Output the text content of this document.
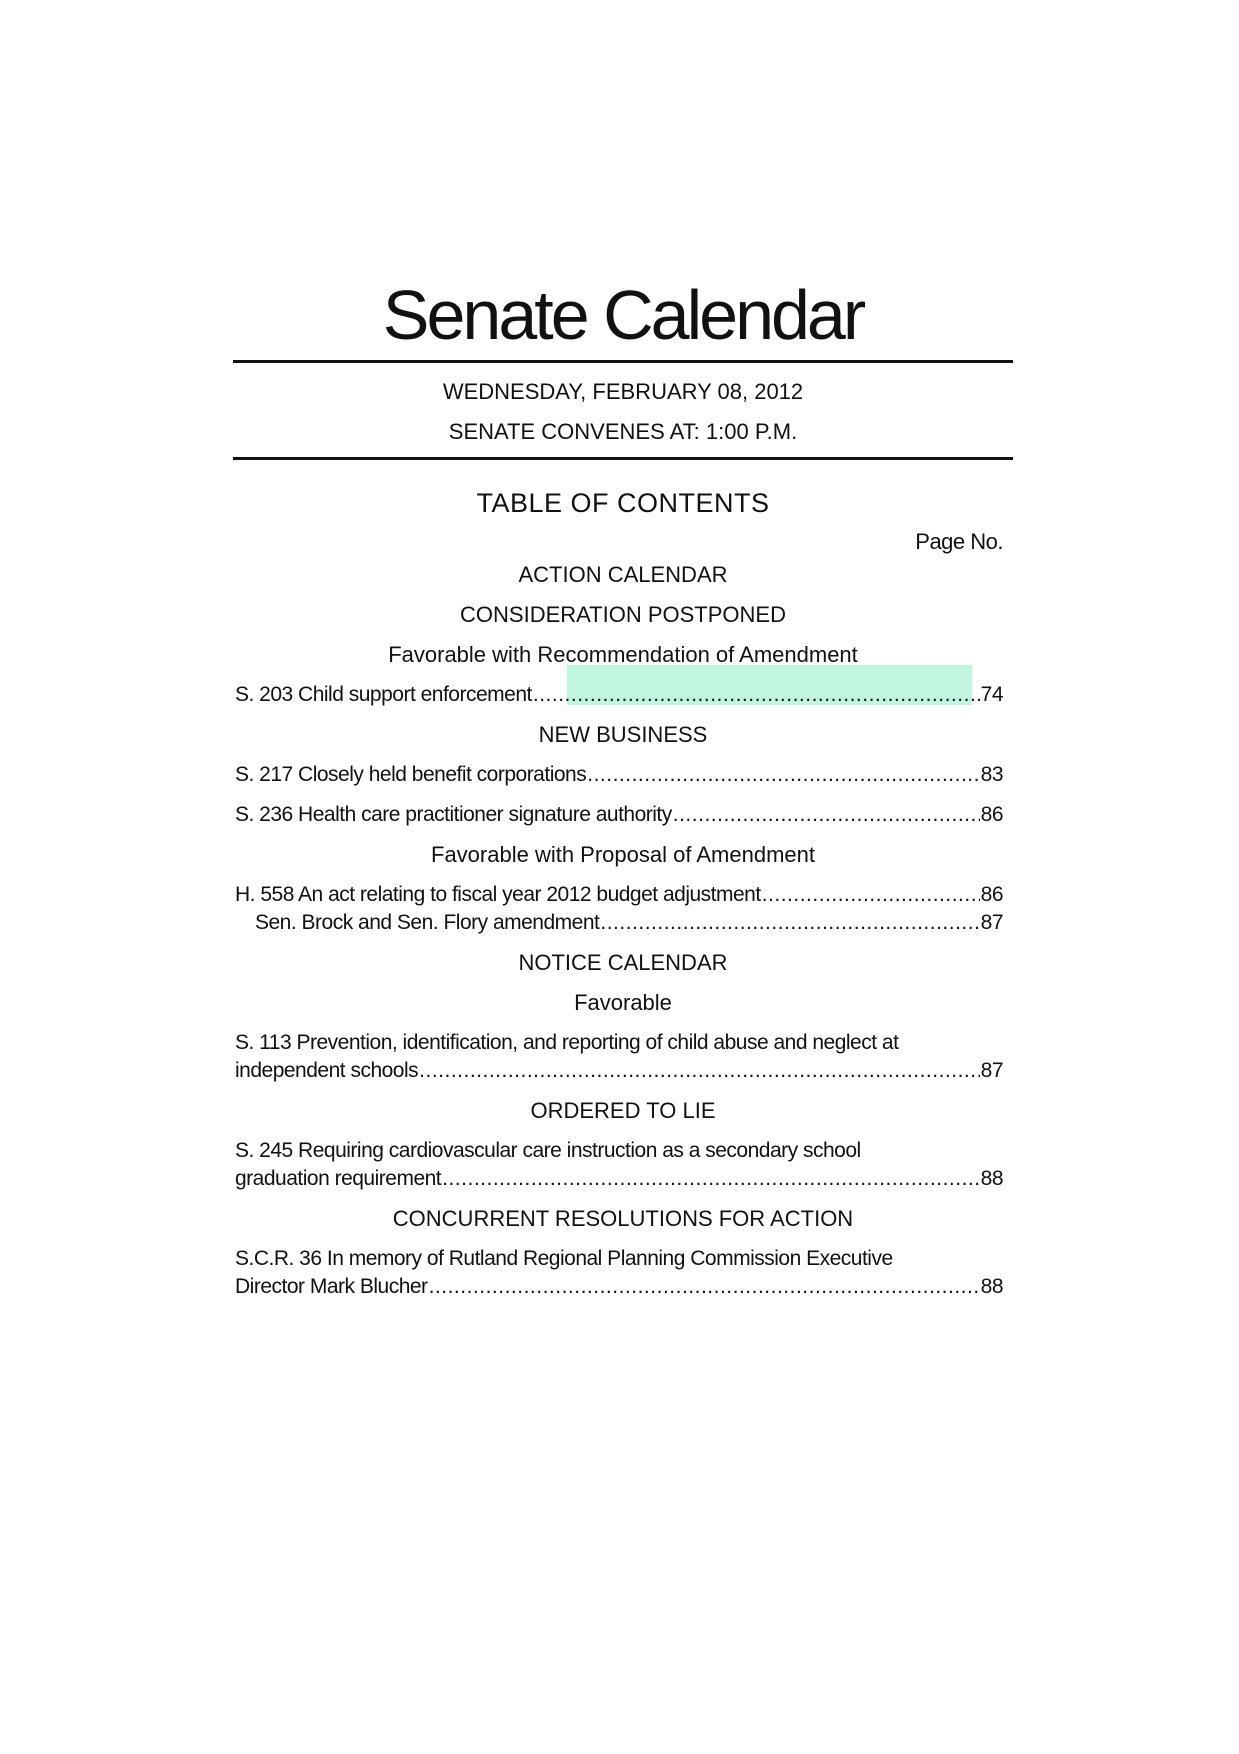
Senate Calendar

WEDNESDAY, FEBRUARY 08, 2012

SENATE CONVENES AT: 1:00 P.M.

TABLE OF CONTENTS

Page No.

ACTION CALENDAR

CONSIDERATION POSTPONED

Favorable with Recommendation of Amendment

S. 203 Child support enforcement .....	74

NEW BUSINESS

S. 217 Closely held benefit corporations .....	83
S. 236 Health care practitioner signature authority .....	86

Favorable with Proposal of Amendment

H. 558 An act relating to fiscal year 2012 budget adjustment .....	86
Sen. Brock and Sen. Flory amendment .....	87

NOTICE CALENDAR

Favorable

S. 113 Prevention, identification, and reporting of child abuse and neglect at
independent schools .....	87

ORDERED TO LIE

S. 245 Requiring cardiovascular care instruction as a secondary school
graduation requirement .....	88

CONCURRENT RESOLUTIONS FOR ACTION

S.C.R. 36 In memory of Rutland Regional Planning Commission Executive
Director Mark Blucher .....	88
